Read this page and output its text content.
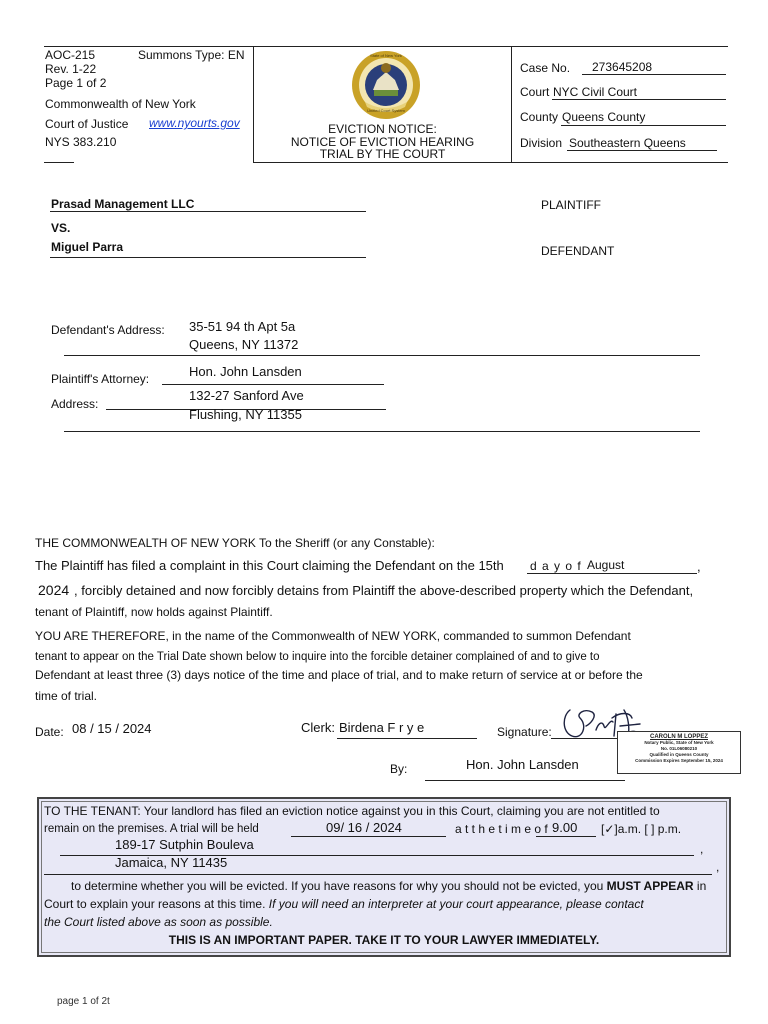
AOC-215	Summons Type: EN
Rev. 1-22
Page 1 of 2
Commonwealth of New York
Court of Justice www.nyourts.gov
NYS 383.210
State of New York
Unified Court System
EVICTION NOTICE:
NOTICE OF EVICTION HEARING
TRIAL BY THE COURT
Case No. 273645208
Court NYC Civil Court
County Queens County
Division Southeastern Queens
Prasad Management LLC	PLAINTIFF
VS.
Miguel Parra	DEFENDANT
Defendant's Address: 35-51 94 th Apt 5a
Queens, NY 11372
Plaintiff's Attorney:	Hon. John Lansden
Address:
132-27 Sanford Ave
Flushing, NY 11355
THE COMMONWEALTH OF NEW YORK To the Sheriff (or any Constable):
The Plaintiff has filed a complaint in this Court claiming the Defendant on the 15th d a y o f August	,
2024 , forcibly detained and now forcibly detains from Plaintiff the above-described property which the Defendant,
tenant of Plaintiff, now holds against Plaintiff.
YOU ARE THEREFORE, in the name of the Commonwealth of NEW YORK, commanded to summon Defendant
tenant to appear on the Trial Date shown below to inquire into the forcible detainer complained of and to give to
Defendant at least three (3) days notice of the time and place of trial, and to make return of service at or before the
time of trial.
Date: 08 / 15 / 2024	Clerk: Birdena F r y e	Signature:	CAROLN M LOPPEZ
Notary Public, State of New York
No. 01L06080210
Qualified in Queens County
Commission Expires September 15, 2024
By:	Hon. John Lansden
TO THE TENANT: Your landlord has filed an eviction notice against you in this Court, claiming you are not entitled to
remain on the premises. A trial will be held	09/ 16 / 2024	a t t h e t i m e o f 9.00 [✓]a.m. [ ] p.m.
189-17 Sutphin Bouleva	,
Jamaica, NY 11435	,
to determine whether you will be evicted. If you have reasons for why you should not be evicted, you MUST APPEAR in
Court to explain your reasons at this time. If you will need an interpreter at your court appearance, please contact
the Court listed above as soon as possible.
THIS IS AN IMPORTANT PAPER. TAKE IT TO YOUR LAWYER IMMEDIATELY.
page 1 of 2t
